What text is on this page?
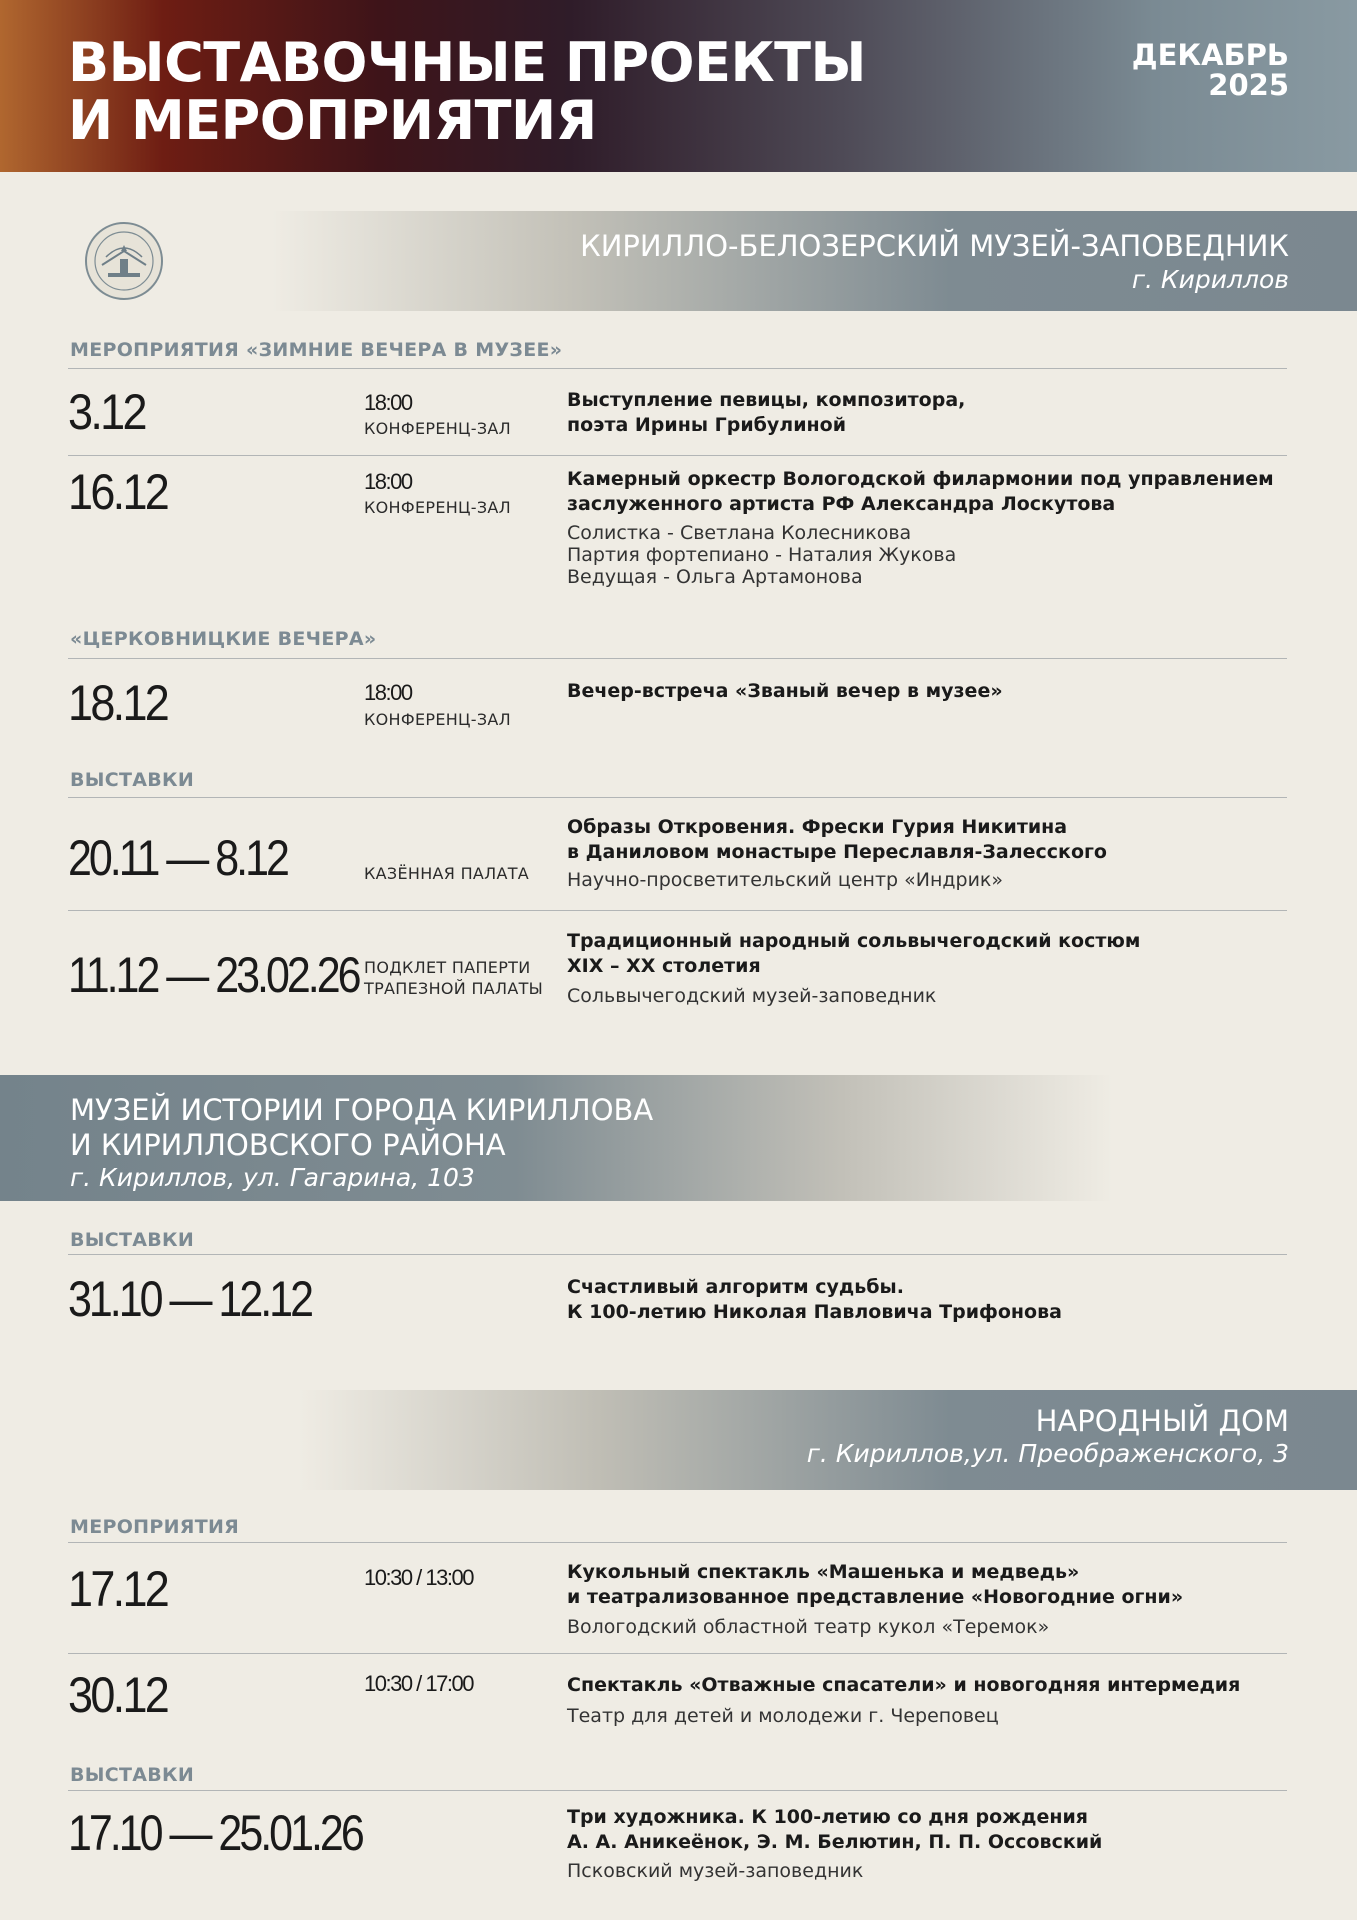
ВЫСТАВОЧНЫЕ ПРОЕКТЫ
И МЕРОПРИЯТИЯ
ДЕКАБРЬ
2025
КИРИЛЛО-БЕЛОЗЕРСКИЙ МУЗЕЙ-ЗАПОВЕДНИК
г. Кириллов
МЕРОПРИЯТИЯ «ЗИМНИЕ ВЕЧЕРА В МУЗЕЕ»
3.12	18:00
КОНФЕРЕНЦ-ЗАЛ
Выступление певицы, композитора,
поэта Ирины Грибулиной
16.12	18:00
КОНФЕРЕНЦ-ЗАЛ
Камерный оркестр Вологодской филармонии под управлением
заслуженного артиста РФ Александра Лоскутова
Солистка - Светлана Колесникова
Партия фортепиано - Наталия Жукова
Ведущая - Ольга Артамонова
«ЦЕРКОВНИЦКИЕ ВЕЧЕРА»
18.12	18:00
КОНФЕРЕНЦ-ЗАЛ
Вечер-встреча «Званый вечер в музее»
ВЫСТАВКИ
20.11 — 8.12	КАЗЁННАЯ ПАЛАТА
Образы Откровения. Фрески Гурия Никитина
в Даниловом монастыре Переславля-Залесского
Научно-просветительский центр «Индрик»
11.12 — 23.02.26 ПОДКЛЕТ ПАПЕРТИ
ТРАПЕЗНОЙ ПАЛАТЫ
Традиционный народный сольвычегодский костюм
XIX – XX столетия
Сольвычегодский музей-заповедник
МУЗЕЙ ИСТОРИИ ГОРОДА КИРИЛЛОВА
И КИРИЛЛОВСКОГО РАЙОНА
г. Кириллов, ул. Гагарина, 103
ВЫСТАВКИ
31.10 — 12.12	Счастливый алгоритм судьбы.
К 100-летию Николая Павловича Трифонова
НАРОДНЫЙ ДОМ
г. Кириллов,ул. Преображенского, 3
МЕРОПРИЯТИЯ
17.12	10:30 / 13:00	Кукольный спектакль «Машенька и медведь»
и театрализованное представление «Новогодние огни»
Вологодский областной театр кукол «Теремок»
30.12	10:30 / 17:00	Спектакль «Отважные спасатели» и новогодняя интермедия
Театр для детей и молодежи г. Череповец
ВЫСТАВКИ
17.10 — 25.01.26	Три художника. К 100-летию со дня рождения
А. А. Аникеёнок, Э. М. Белютин, П. П. Оссовский
Псковский музей-заповедник
